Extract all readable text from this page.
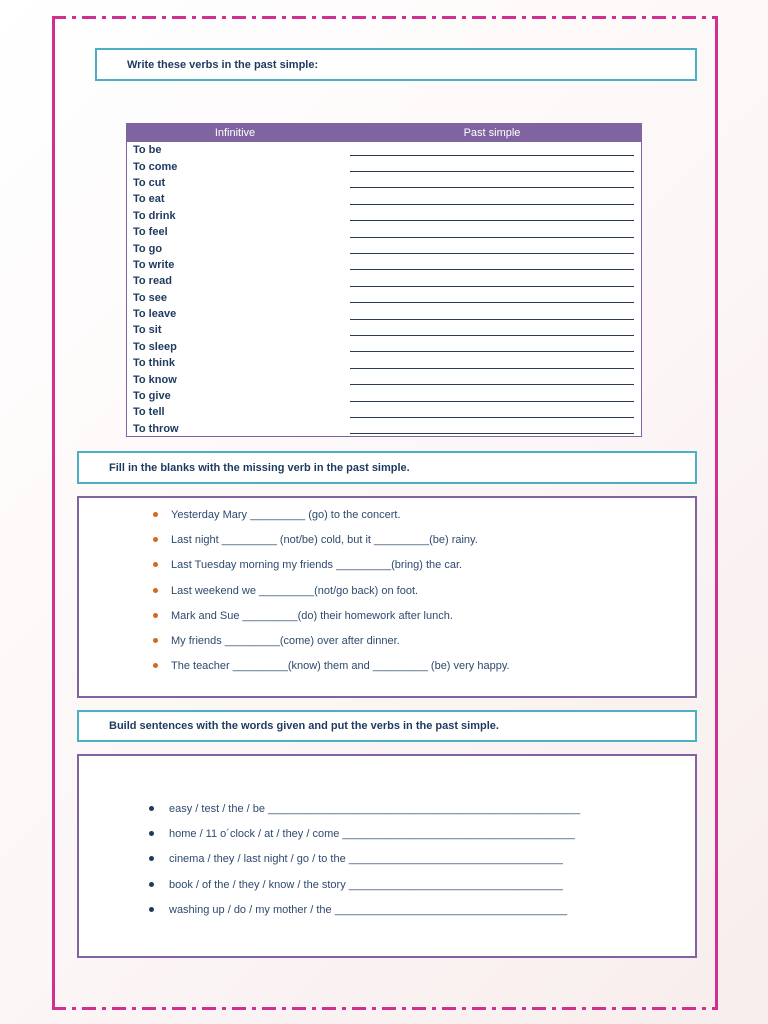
Write these verbs in the past simple:
Infinitive	Past simple
To be
To come
To cut
To eat
To drink
To feel
To go
To write
To read
To see
To leave
To sit
To sleep
To think
To know
To give
To tell
To throw
Fill in the blanks with the missing verb in the past simple.
Yesterday Mary _________ (go) to the concert.
Last night _________ (not/be) cold, but it _________(be) rainy.
Last Tuesday morning my friends _________(bring) the car.
Last weekend we _________(not/go back) on foot.
Mark and Sue _________(do) their homework after lunch.
My friends _________(come) over after dinner.
The teacher _________(know) them and _________ (be) very happy.
Build sentences with the words given and put the verbs in the past simple.
easy / test / the / be ___________________________________________________
home / 11 o´clock / at / they / come ______________________________________
cinema / they / last night / go / to the ___________________________________
book / of the / they / know / the story ___________________________________
washing up / do / my mother / the ______________________________________
